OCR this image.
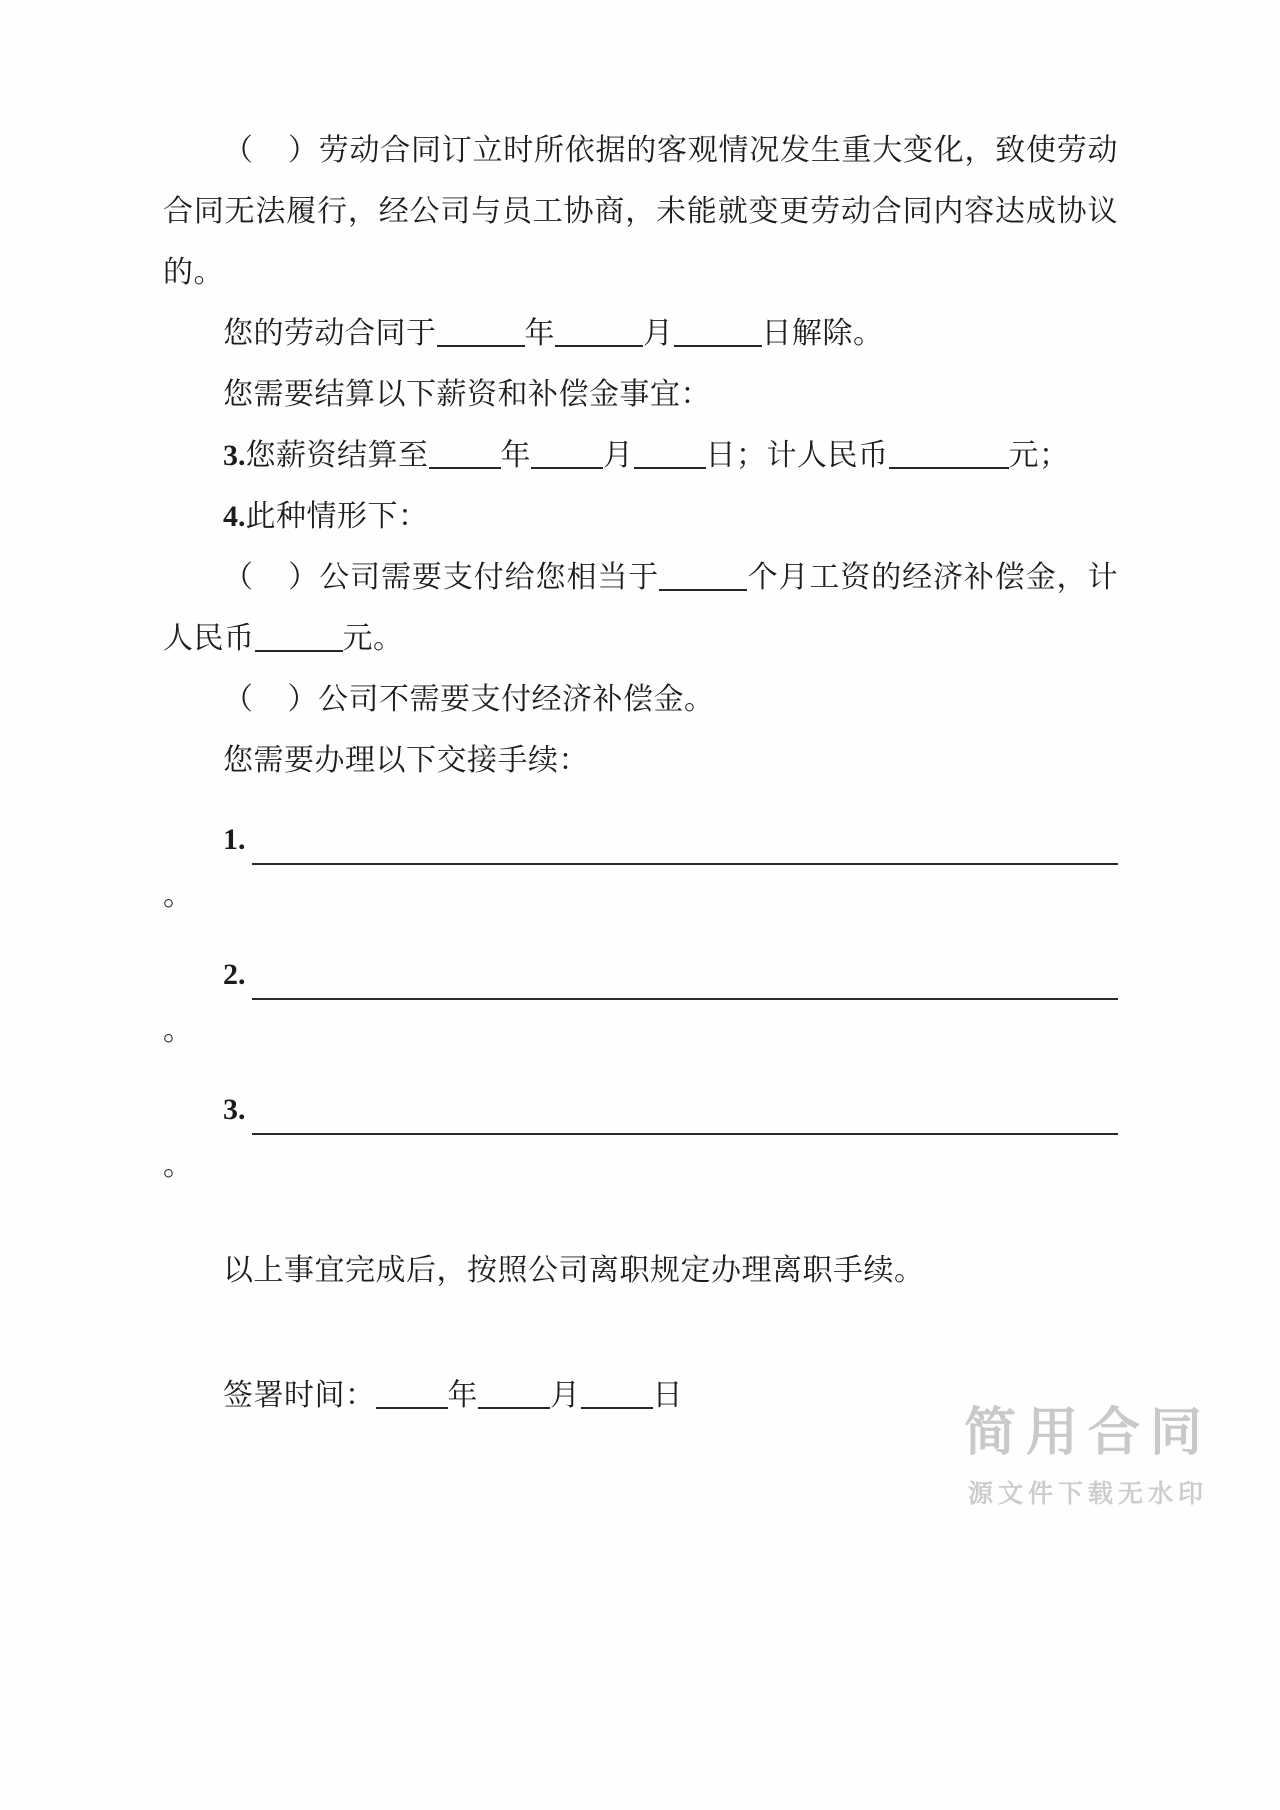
（ ）劳动合同订立时所依据的客观情况发生重大变化，致使劳动合同无法履行，经公司与员工协商，未能就变更劳动合同内容达成协议的。

您的劳动合同于	年	月	日解除。

您需要结算以下薪资和补偿金事宜：

3.您薪资结算至 年 月 日；计人民币	元；

4.此种情形下：

（ ）公司需要支付给您相当于	个月工资的经济补偿金，计人民币	元。

（ ）公司不需要支付经济补偿金。

您需要办理以下交接手续：

1.

。

2.

。

3.

。

以上事宜完成后，按照公司离职规定办理离职手续。

签署时间： 年 月 日

简用合同
源文件下载无水印
